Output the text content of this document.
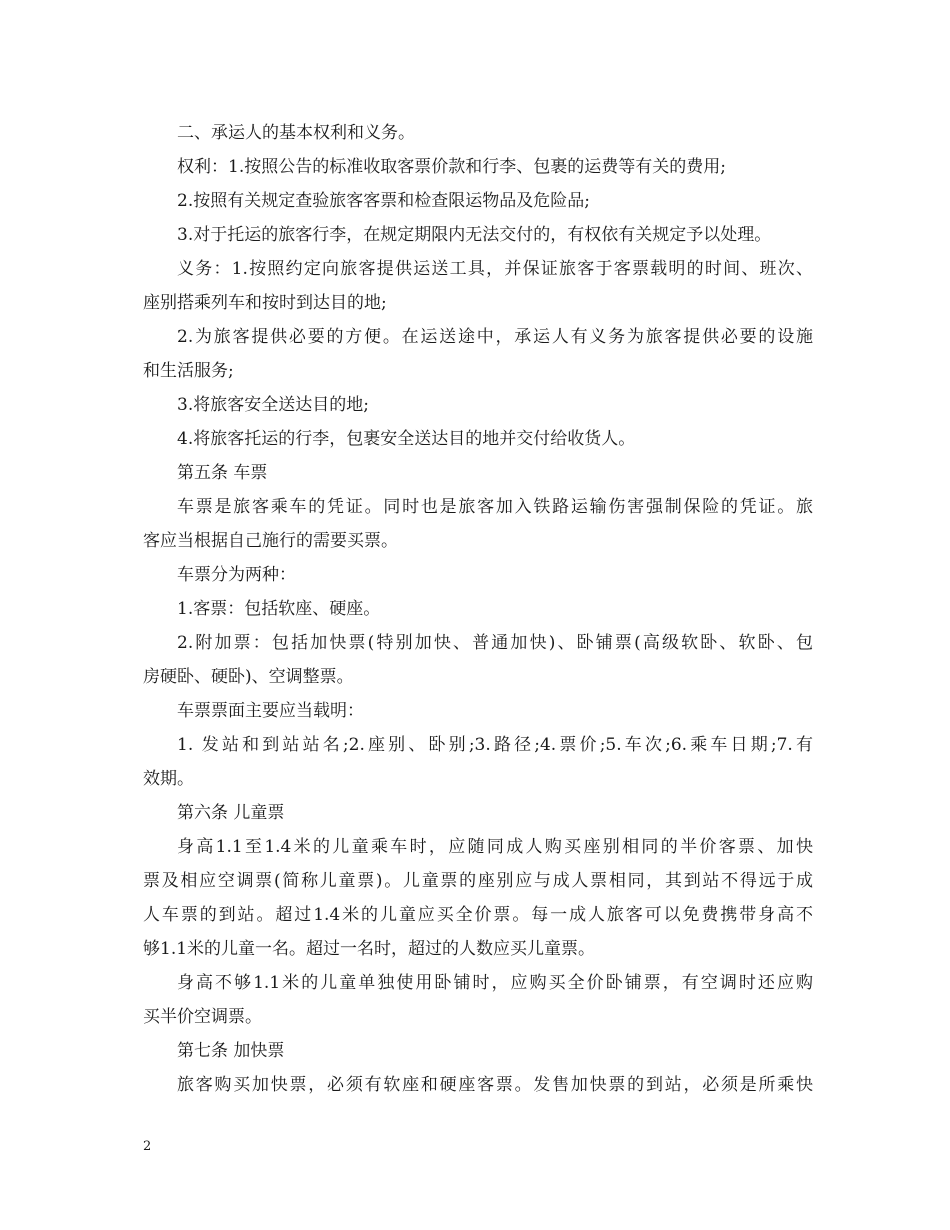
二、承运人的基本权利和义务。
权利：1.按照公告的标准收取客票价款和行李、包裹的运费等有关的费用;
2.按照有关规定查验旅客客票和检查限运物品及危险品;
3.对于托运的旅客行李，在规定期限内无法交付的，有权依有关规定予以处理。
义务：1.按照约定向旅客提供运送工具，并保证旅客于客票载明的时间、班次、
座别搭乘列车和按时到达目的地;
2.为旅客提供必要的方便。在运送途中，承运人有义务为旅客提供必要的设施
和生活服务;
3.将旅客安全送达目的地;
4.将旅客托运的行李，包裹安全送达目的地并交付给收货人。
第五条 车票
车票是旅客乘车的凭证。同时也是旅客加入铁路运输伤害强制保险的凭证。旅
客应当根据自己施行的需要买票。
车票分为两种：
1.客票：包括软座、硬座。
2.附加票：包括加快票(特别加快、普通加快)、卧铺票(高级软卧、软卧、包
房硬卧、硬卧)、空调整票。
车票票面主要应当载明：
1. 发站和到站站名;2.座别、卧别;3.路径;4.票价;5.车次;6.乘车日期;7.有
效期。
第六条 儿童票
身高1.1至1.4米的儿童乘车时，应随同成人购买座别相同的半价客票、加快
票及相应空调票(简称儿童票)。儿童票的座别应与成人票相同，其到站不得远于成
人车票的到站。超过1.4米的儿童应买全价票。每一成人旅客可以免费携带身高不
够1.1米的儿童一名。超过一名时，超过的人数应买儿童票。
身高不够1.1米的儿童单独使用卧铺时，应购买全价卧铺票，有空调时还应购
买半价空调票。
第七条 加快票
旅客购买加快票，必须有软座和硬座客票。发售加快票的到站，必须是所乘快
2
